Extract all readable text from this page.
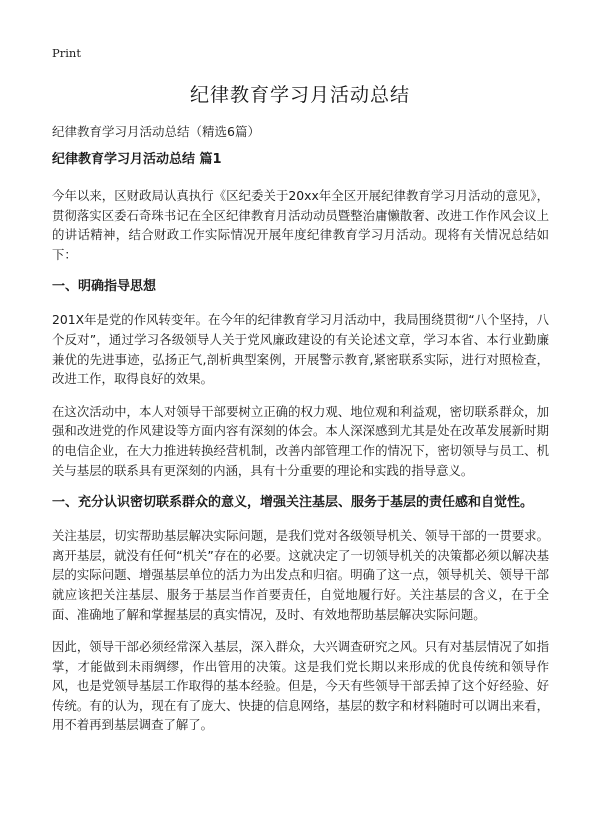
Print
纪律教育学习月活动总结
纪律教育学习月活动总结（精选6篇）
纪律教育学习月活动总结 篇1

今年以来，区财政局认真执行《区纪委关于20xx年全区开展纪律教育学习月活动的意见》，贯彻落实区委石奇珠书记在全区纪律教育月活动动员暨整治庸懒散奢、改进工作作风会议上的讲话精神，结合财政工作实际情况开展年度纪律教育学习月活动。现将有关情况总结如下：

一、明确指导思想

201X年是党的作风转变年。在今年的纪律教育学习月活动中，我局围绕贯彻“八个坚持，八个反对”，通过学习各级领导人关于党风廉政建设的有关论述文章，学习本省、本行业勤廉兼优的先进事迹，弘扬正气,剖析典型案例，开展警示教育,紧密联系实际，进行对照检查，改进工作，取得良好的效果。

在这次活动中，本人对领导干部要树立正确的权力观、地位观和利益观，密切联系群众，加强和改进党的作风建设等方面内容有深刻的体会。本人深深感到尤其是处在改革发展新时期的电信企业，在大力推进转换经营机制，改善内部管理工作的情况下，密切领导与员工、机关与基层的联系具有更深刻的内涵，具有十分重要的理论和实践的指导意义。

一、充分认识密切联系群众的意义，增强关注基层、服务于基层的责任感和自觉性。

关注基层，切实帮助基层解决实际问题，是我们党对各级领导机关、领导干部的一贯要求。离开基层，就没有任何“机关”存在的必要。这就决定了一切领导机关的决策都必须以解决基层的实际问题、增强基层单位的活力为出发点和归宿。明确了这一点，领导机关、领导干部就应该把关注基层、服务于基层当作首要责任，自觉地履行好。关注基层的含义，在于全面、准确地了解和掌握基层的真实情况，及时、有效地帮助基层解决实际问题。

因此，领导干部必须经常深入基层，深入群众，大兴调查研究之风。只有对基层情况了如指掌，才能做到未雨绸缪，作出管用的决策。这是我们党长期以来形成的优良传统和领导作风，也是党领导基层工作取得的基本经验。但是，今天有些领导干部丢掉了这个好经验、好传统。有的认为，现在有了庞大、快捷的信息网络，基层的数字和材料随时可以调出来看，用不着再到基层调查了解了。
